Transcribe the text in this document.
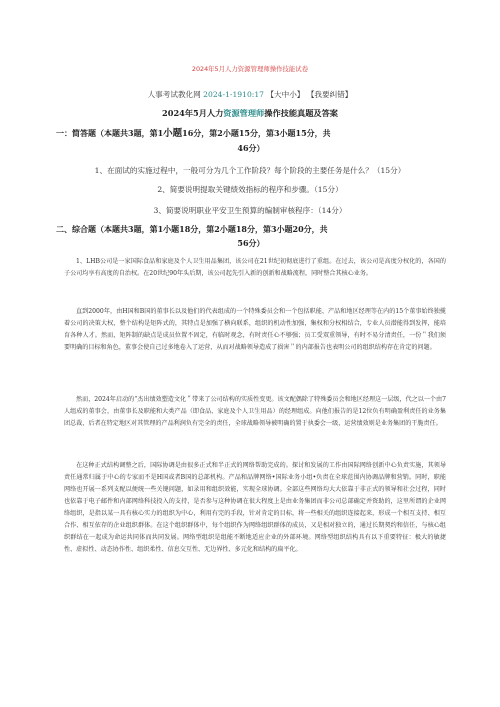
2024年5月人力资源管理师操作技能试卷
人事考试教化网 2024-1-1910:17 【大中小】 【我要纠错】
2024年5月人力资源管理师操作技能真题及答案
一：简答题（本题共3题，第1小题16分，第2小题15分，第3小题15分，共
46分）
1、在面试的实施过程中，一般可分为几个工作阶段？每个阶段的主要任务是什么？（15分）
2、简要说明提取关键绩效指标的程序和步骤。（15分）
3、简要说明职业平安卫生预算的编制审核程序：（14分）
二、综合题（本题共3题，第1小题18分，第2小题18分，第3小题20分，共
56分）

1、LHB公司是一家国际食品和家庭及个人卫生用品集团，该公司在21世纪初彻底进行了重组。在过去，该公司是高度分权化的，各国的子公司均享有高度的自治权。在20世纪90年头后期，该公司起先引入新的创新和战略流程，同时整合其核心业务。

直到2000年，由H国和B国的董事长以及他们的代表组成的一个特殊委员会和一个包括职能、产品和地区经理等在内的15个董事始终独揽着公司的决策大权，整个结构是矩阵式的，其特点是加强了横向联系，组织的机动性加强，集权和分权相结合，专业人员潜能得到发挥，能培育各种人才。然而，矩阵制的缺点是成员位置不固定，有临时观念，有时责任心不够强；员工受双重领导，有时不易分清责任，一份＂我们须要明确的目标和角色，董事会使自己过多地卷入了运营，从而对战略领导造成了损害＂的内部报告也表明公司的组织结构存在肯定的问题。

然而，2024年启动的“杰出绩效塑造文化＂带来了公司结构的实质性变更。该文配偶除了特殊委员会和地区经理这一层级，代之以一个由7人组成的董事会，由董事长及职能和大类产品（即食品、家庭及个人卫生用品）的经理组成。向他们报告的是12位负有明确盈利责任的业务集团总裁，后者在特定地区对其管理的产品利润负有完全的责任，全球战略领导被明确的置于执委会一级，运营绩效则是业务集团的干脆责任。

在这种正式结构调整之后，国际协调是由很多正式和半正式的网络帮助完成的。探讨和发展的工作由国际网络创新中心负责实施，其领导责任通常归属于中心的专家而不是H国或者B国的总部机构。产品和品牌网络•国际业务小组•负责在全球范围内协调品牌和营销。同时，职能网络也开展一系列支配以便统一些关键问题，如录用和组织效能，实现全球协调。全部这些网络均大大依靠于非正式的领导和社会过程，同时也依靠于电子邮件和内部网络科技投入的支持，是否参与这种协调在很大程度上是由业务集团而非公司总部确定并资助的，这里所谓的企业网络组织，是指以某一具有核心实力的组织为中心，利用有完的手段，针对肯定的目标，将一些相关的组织连接起来，形成一个相互支持、相互合作、相互依存的企业组织群体。在这个组织群体中，每个组织作为网络组织群体的成员，又是相对独立的，通过长期契约和信任，与核心组织群结在一起成为命运共同体而共同发展。网络型组织是组能不断地适应企业的外部环境。网络型组织结构具有以下重要特征：极大的敏捷性、虚拟性、动态协作性、组织柔性、信息交互性、无边界性、多元化和结构的扁平化。
